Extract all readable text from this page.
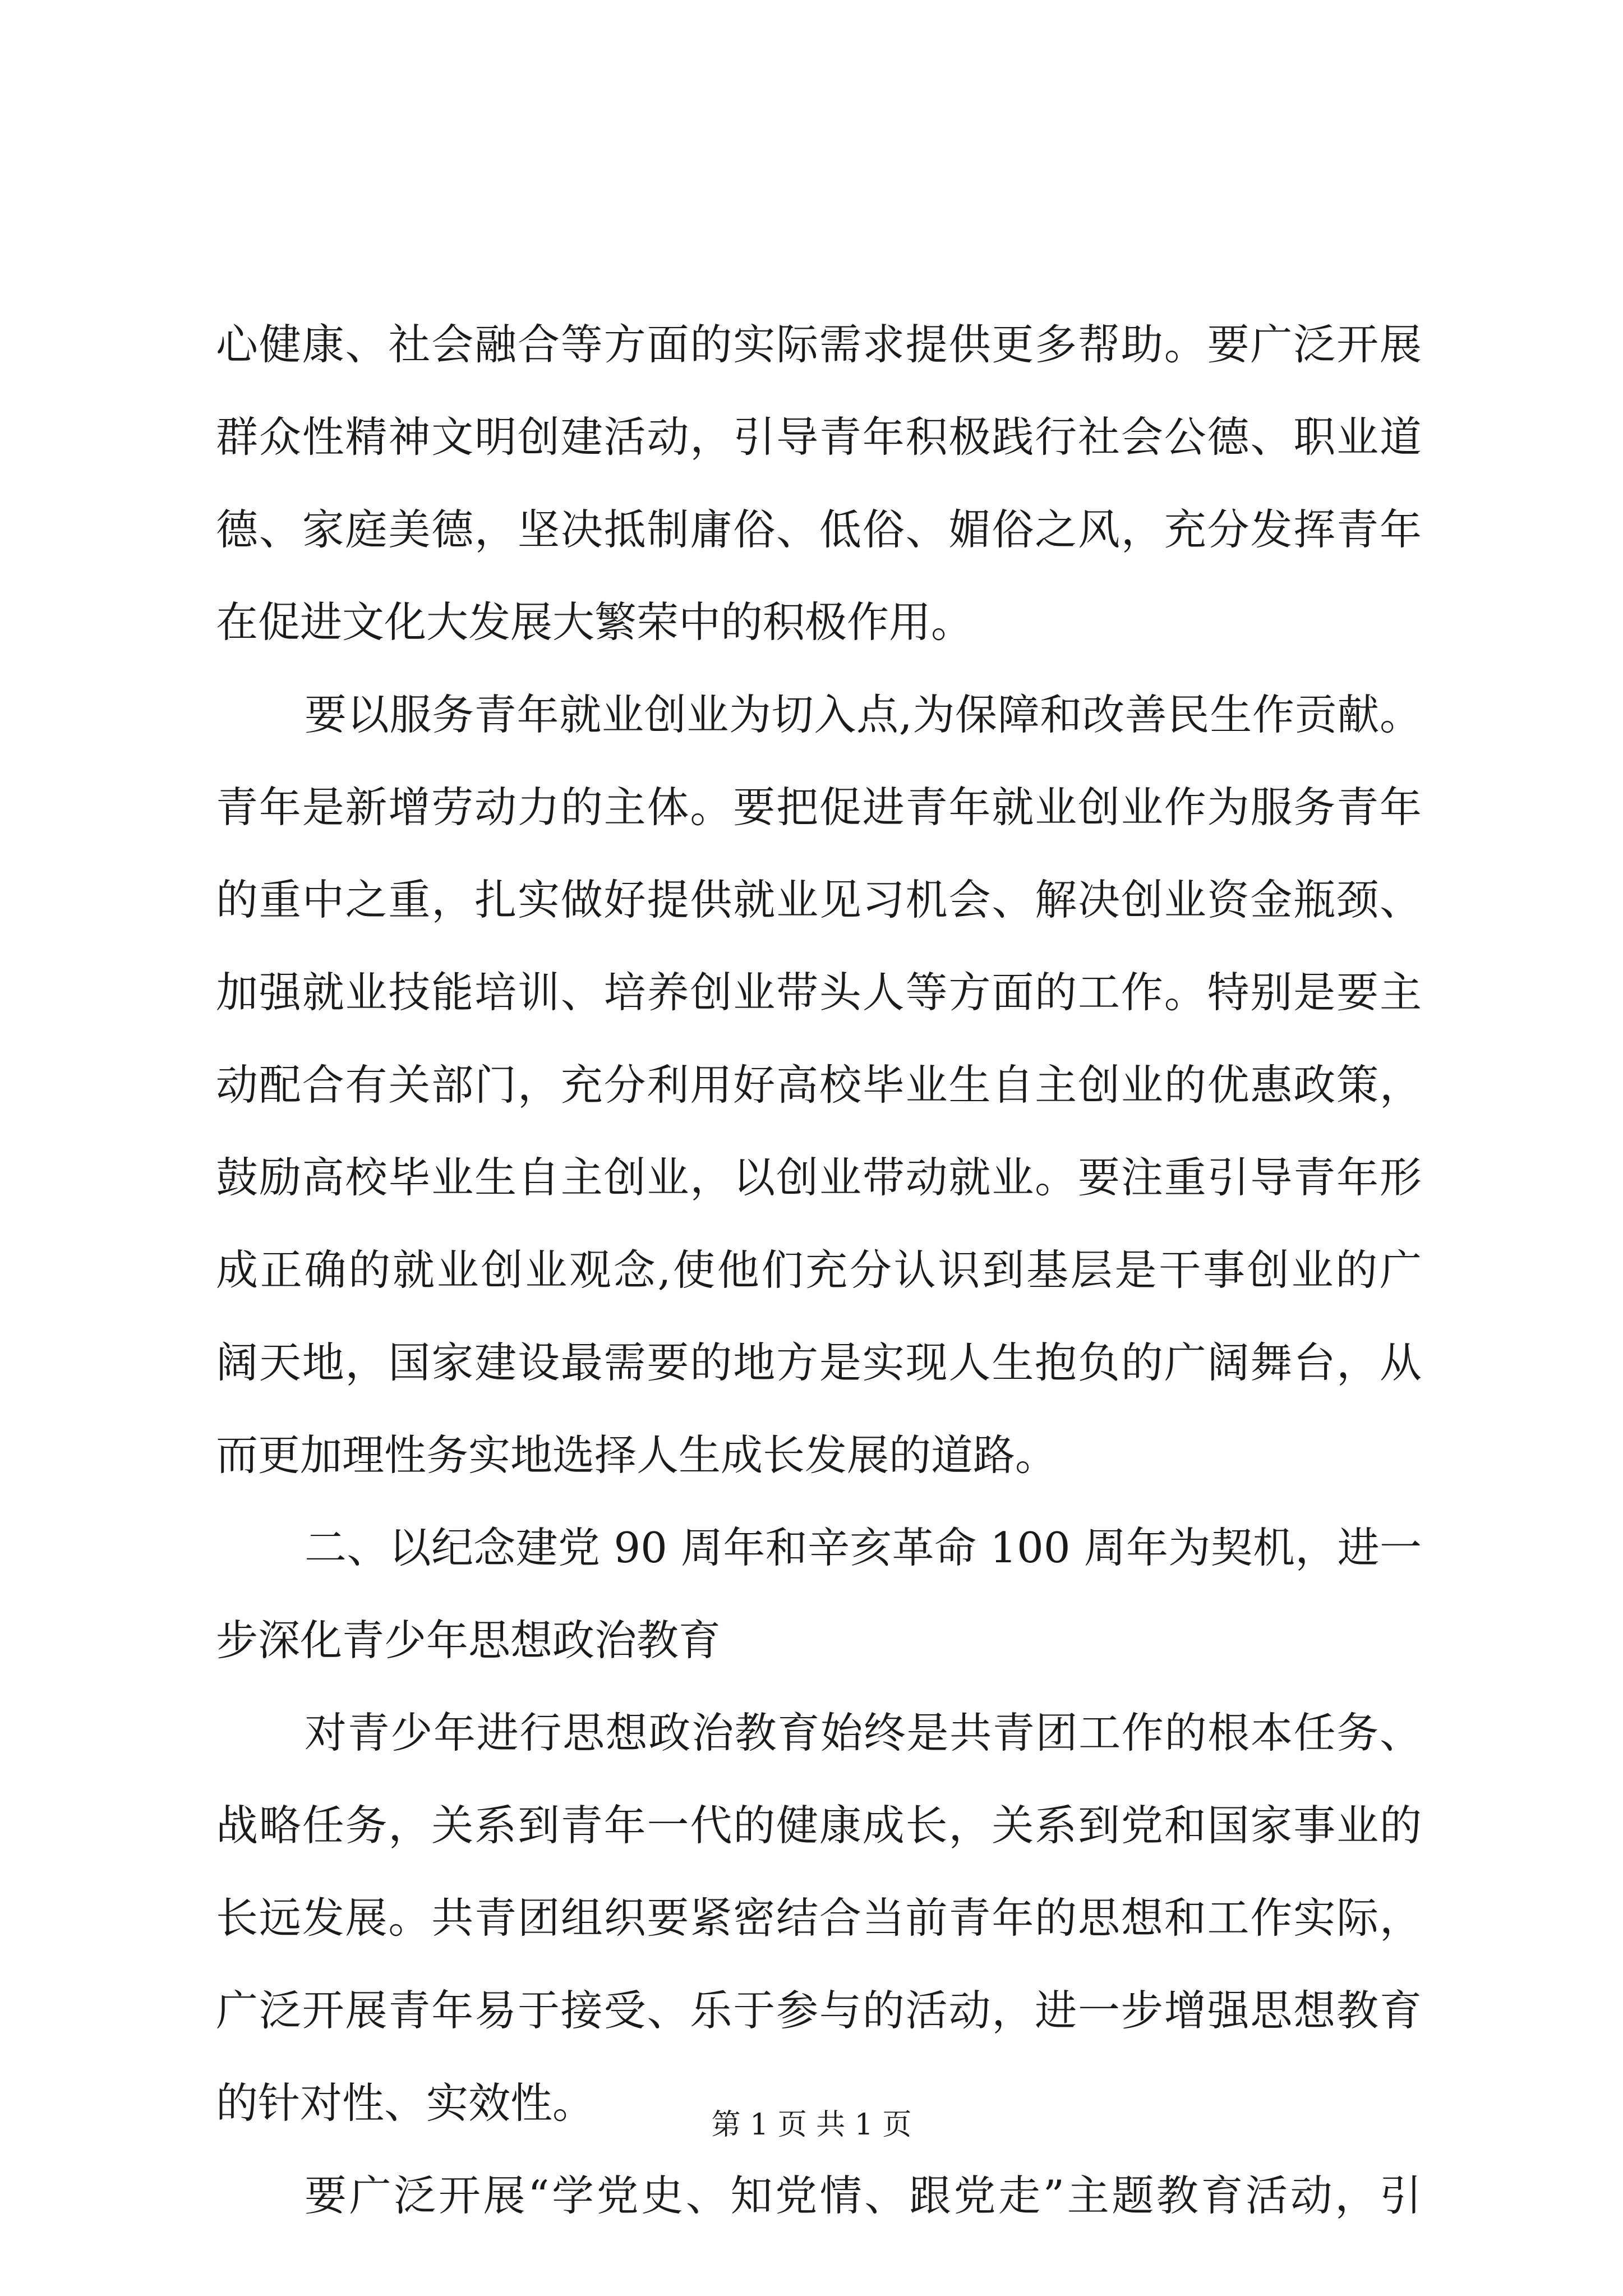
心健康、社会融合等方面的实际需求提供更多帮助。要广泛开展
群众性精神文明创建活动，引导青年积极践行社会公德、职业道
德、家庭美德，坚决抵制庸俗、低俗、媚俗之风，充分发挥青年
在促进文化大发展大繁荣中的积极作用。
要以服务青年就业创业为切入点,为保障和改善民生作贡献。
青年是新增劳动力的主体。要把促进青年就业创业作为服务青年
的重中之重，扎实做好提供就业见习机会、解决创业资金瓶颈、
加强就业技能培训、培养创业带头人等方面的工作。特别是要主
动配合有关部门，充分利用好高校毕业生自主创业的优惠政策，
鼓励高校毕业生自主创业，以创业带动就业。要注重引导青年形
成正确的就业创业观念,使他们充分认识到基层是干事创业的广
阔天地，国家建设最需要的地方是实现人生抱负的广阔舞台，从
而更加理性务实地选择人生成长发展的道路。
二、以纪念建党 90 周年和辛亥革命 100 周年为契机，进一
步深化青少年思想政治教育
对青少年进行思想政治教育始终是共青团工作的根本任务、
战略任务，关系到青年一代的健康成长，关系到党和国家事业的
长远发展。共青团组织要紧密结合当前青年的思想和工作实际，
广泛开展青年易于接受、乐于参与的活动，进一步增强思想教育
的针对性、实效性。
要广泛开展“学党史、知党情、跟党走”主题教育活动，引
第 1 页 共 1 页
